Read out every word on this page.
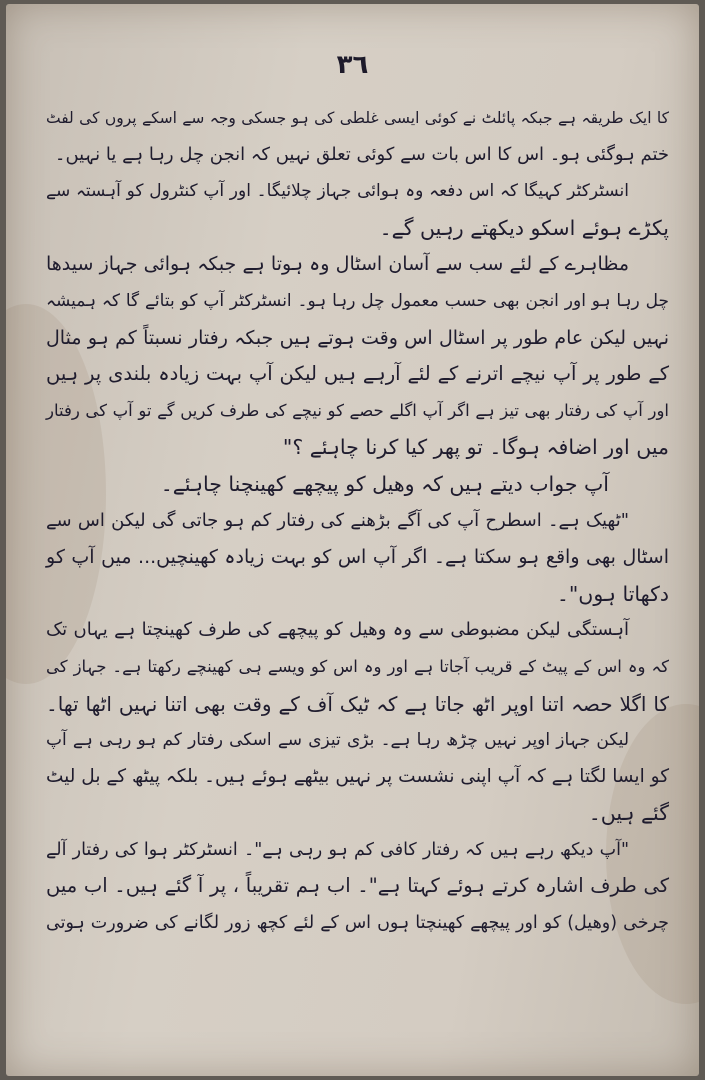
۳٦
کا ایک طریقہ ہے جبکہ پائلٹ نے کوئی ایسی غلطی کی ہو جسکی وجہ سے اسکے پروں کی لفٹ
ختم ہوگئی ہو۔ اس کا اس بات سے کوئی تعلق نہیں کہ انجن چل رہا ہے یا نہیں۔
انسٹرکٹر کہیگا کہ اس دفعہ وہ ہوائی جہاز چلائیگا۔ اور آپ کنٹرول کو آہستہ سے
پکڑے ہوئے اسکو دیکھتے رہیں گے۔
مظاہرے کے لئے سب سے آسان اسٹال وہ ہوتا ہے جبکہ ہوائی جہاز سیدھا
چل رہا ہو اور انجن بھی حسب معمول چل رہا ہو۔ انسٹرکٹر آپ کو بتائے گا کہ ہمیشہ
نہیں لیکن عام طور پر اسٹال اس وقت ہوتے ہیں جبکہ رفتار نسبتاً کم ہو مثال
کے طور پر آپ نیچے اترنے کے لئے آرہے ہیں لیکن آپ بہت زیادہ بلندی پر ہیں
اور آپ کی رفتار بھی تیز ہے اگر آپ اگلے حصے کو نیچے کی طرف کریں گے تو آپ کی رفتار
میں اور اضافہ ہوگا۔ تو پھر کیا کرنا چاہئے ؟"
آپ جواب دیتے ہیں کہ وھیل کو پیچھے کھینچنا چاہئے۔
"ٹھیک ہے۔ اسطرح آپ کی آگے بڑھنے کی رفتار کم ہو جاتی گی لیکن اس سے
اسٹال بھی واقع ہو سکتا ہے۔ اگر آپ اس کو بہت زیادہ کھینچیں... میں آپ کو
دکھاتا ہوں"۔
آہستگی لیکن مضبوطی سے وہ وھیل کو پیچھے کی طرف کھینچتا ہے یہاں تک
کہ وہ اس کے پیٹ کے قریب آجاتا ہے اور وہ اس کو ویسے ہی کھینچے رکھتا ہے۔ جہاز کی
کا اگلا حصہ اتنا اوپر اٹھ جاتا ہے کہ ٹیک آف کے وقت بھی اتنا نہیں اٹھا تھا۔
لیکن جہاز اوپر نہیں چڑھ رہا ہے۔ بڑی تیزی سے اسکی رفتار کم ہو رہی ہے آپ
کو ایسا لگتا ہے کہ آپ اپنی نشست پر نہیں بیٹھے ہوئے ہیں۔ بلکہ پیٹھ کے بل لیٹ
گئے ہیں۔
"آپ دیکھ رہے ہیں کہ رفتار کافی کم ہو رہی ہے"۔ انسٹرکٹر ہوا کی رفتار آلے
کی طرف اشارہ کرتے ہوئے کہتا ہے"۔ اب ہم تقریباً ، پر آ گئے ہیں۔ اب میں
چرخی (وھیل) کو اور پیچھے کھینچتا ہوں اس کے لئے کچھ زور لگانے کی ضرورت ہوتی
